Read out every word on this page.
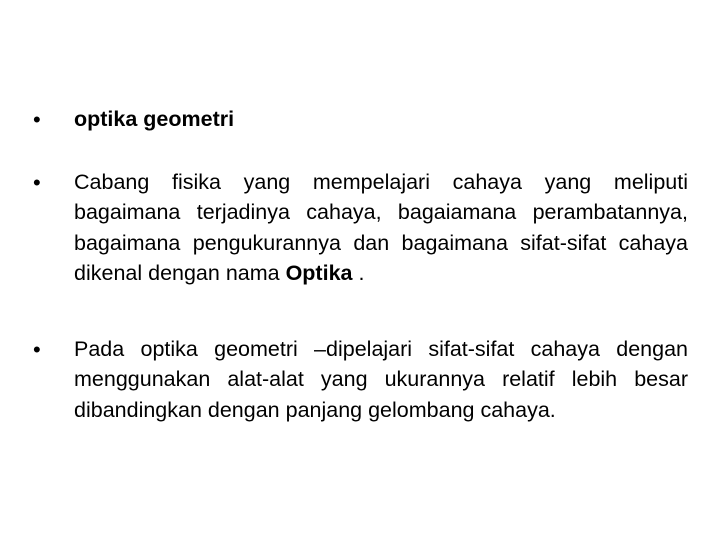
• optika geometri
• Cabang fisika yang mempelajari cahaya yang meliputi bagaimana terjadinya cahaya, bagaiamana perambatannya, bagaimana pengukurannya dan bagaimana sifat-sifat cahaya dikenal dengan nama Optika .
• Pada optika geometri –dipelajari sifat-sifat cahaya dengan menggunakan alat-alat yang ukurannya relatif lebih besar dibandingkan dengan panjang gelombang cahaya.
